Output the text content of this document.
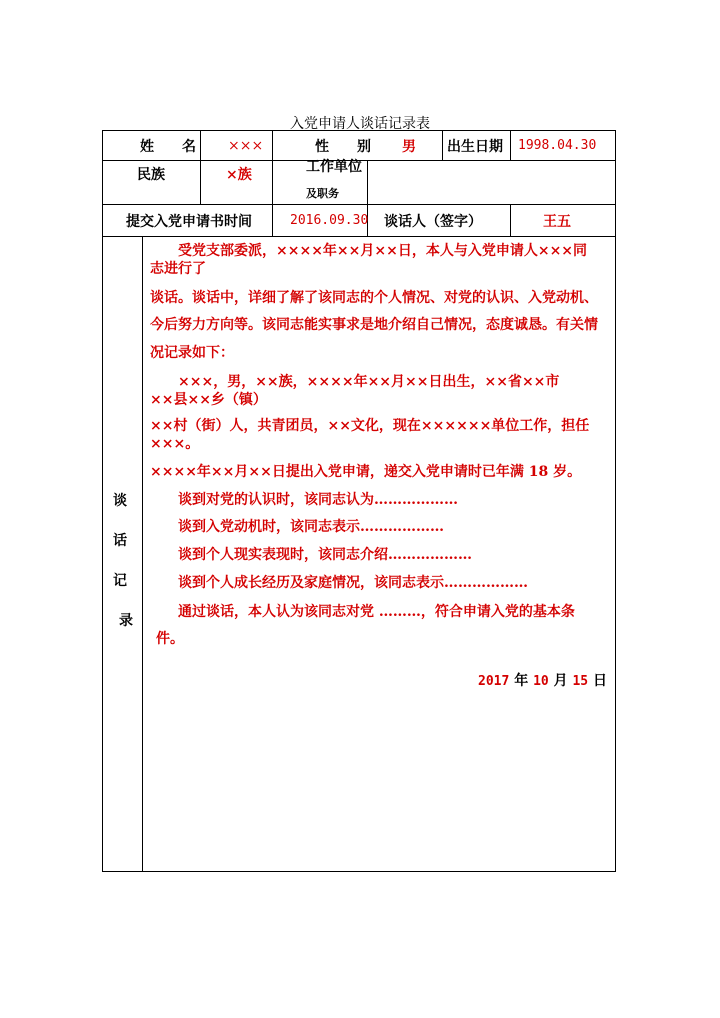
入党申请人谈话记录表
姓　　名 ×××	性　　别 男 出生日期 1998.04.30
民族	×族	工作单位
及职务
提交入党申请书时间	2016.09.30 谈话人（签字）	王五
谈
话
记
录
受党支部委派，××××年××月××日，本人与入党申请人×××同
志进行了
谈话。谈话中，详细了解了该同志的个人情况、对党的认识、入党动机、
今后努力方向等。该同志能实事求是地介绍自己情况，态度诚恳。有关情
况记录如下：
×××，男，××族，××××年××月××日出生，××省××市
××县××乡（镇）
××村（街）人，共青团员，××文化，现在××××××单位工作，担任
×××。
××××年××月××日提出入党申请，递交入党申请时已年满 18 岁。
谈到对党的认识时，该同志认为………………
谈到入党动机时，该同志表示………………
谈到个人现实表现时，该同志介绍………………
谈到个人成长经历及家庭情况，该同志表示………………
通过谈话，本人认为该同志对党 ………，符合申请入党的基本条
件。
2017 年 10 月 15 日
